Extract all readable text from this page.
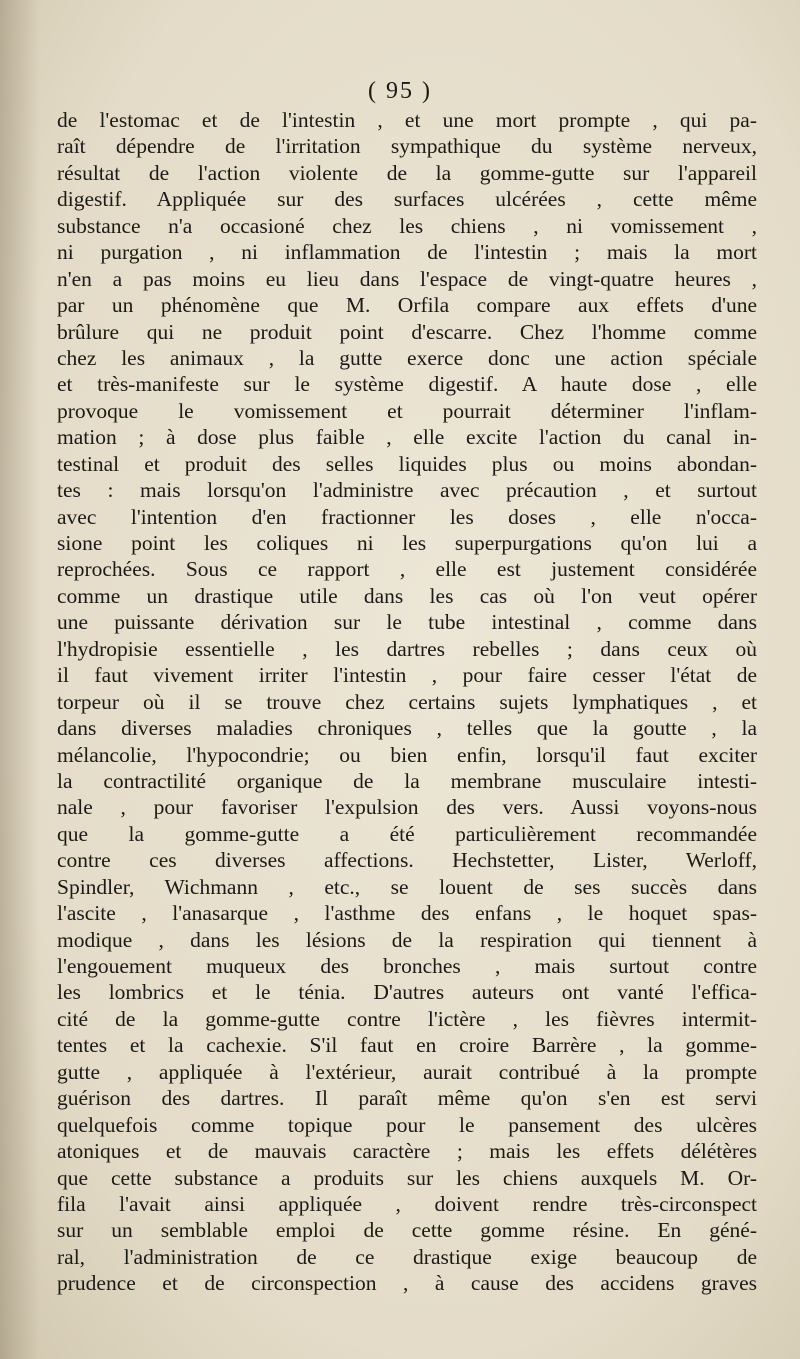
( 95 )
de l'estomac et de l'intestin , et une mort prompte , qui pa-
raît dépendre de l'irritation sympathique du système nerveux,
résultat de l'action violente de la gomme-gutte sur l'appareil
digestif. Appliquée sur des surfaces ulcérées , cette même
substance n'a occasioné chez les chiens , ni vomissement ,
ni purgation , ni inflammation de l'intestin ; mais la mort
n'en a pas moins eu lieu dans l'espace de vingt-quatre heures ,
par un phénomène que M. Orfila compare aux effets d'une
brûlure qui ne produit point d'escarre. Chez l'homme comme
chez les animaux , la gutte exerce donc une action spéciale
et très-manifeste sur le système digestif. A haute dose , elle
provoque le vomissement et pourrait déterminer l'inflam-
mation ; à dose plus faible , elle excite l'action du canal in-
testinal et produit des selles liquides plus ou moins abondan-
tes : mais lorsqu'on l'administre avec précaution , et surtout
avec l'intention d'en fractionner les doses , elle n'occa-
sione point les coliques ni les superpurgations qu'on lui a
reprochées. Sous ce rapport , elle est justement considérée
comme un drastique utile dans les cas où l'on veut opérer
une puissante dérivation sur le tube intestinal , comme dans
l'hydropisie essentielle , les dartres rebelles ; dans ceux où
il faut vivement irriter l'intestin , pour faire cesser l'état de
torpeur où il se trouve chez certains sujets lymphatiques , et
dans diverses maladies chroniques , telles que la goutte , la
mélancolie, l'hypocondrie; ou bien enfin, lorsqu'il faut exciter
la contractilité organique de la membrane musculaire intesti-
nale , pour favoriser l'expulsion des vers. Aussi voyons-nous
que la gomme-gutte a été particulièrement recommandée
contre ces diverses affections. Hechstetter, Lister, Werloff,
Spindler, Wichmann , etc., se louent de ses succès dans
l'ascite , l'anasarque , l'asthme des enfans , le hoquet spas-
modique , dans les lésions de la respiration qui tiennent à
l'engouement muqueux des bronches , mais surtout contre
les lombrics et le ténia. D'autres auteurs ont vanté l'effica-
cité de la gomme-gutte contre l'ictère , les fièvres intermit-
tentes et la cachexie. S'il faut en croire Barrère , la gomme-
gutte , appliquée à l'extérieur, aurait contribué à la prompte
guérison des dartres. Il paraît même qu'on s'en est servi
quelquefois comme topique pour le pansement des ulcères
atoniques et de mauvais caractère ; mais les effets délétères
que cette substance a produits sur les chiens auxquels M. Or-
fila l'avait ainsi appliquée , doivent rendre très-circonspect
sur un semblable emploi de cette gomme résine. En géné-
ral, l'administration de ce drastique exige beaucoup de
prudence et de circonspection , à cause des accidens graves
